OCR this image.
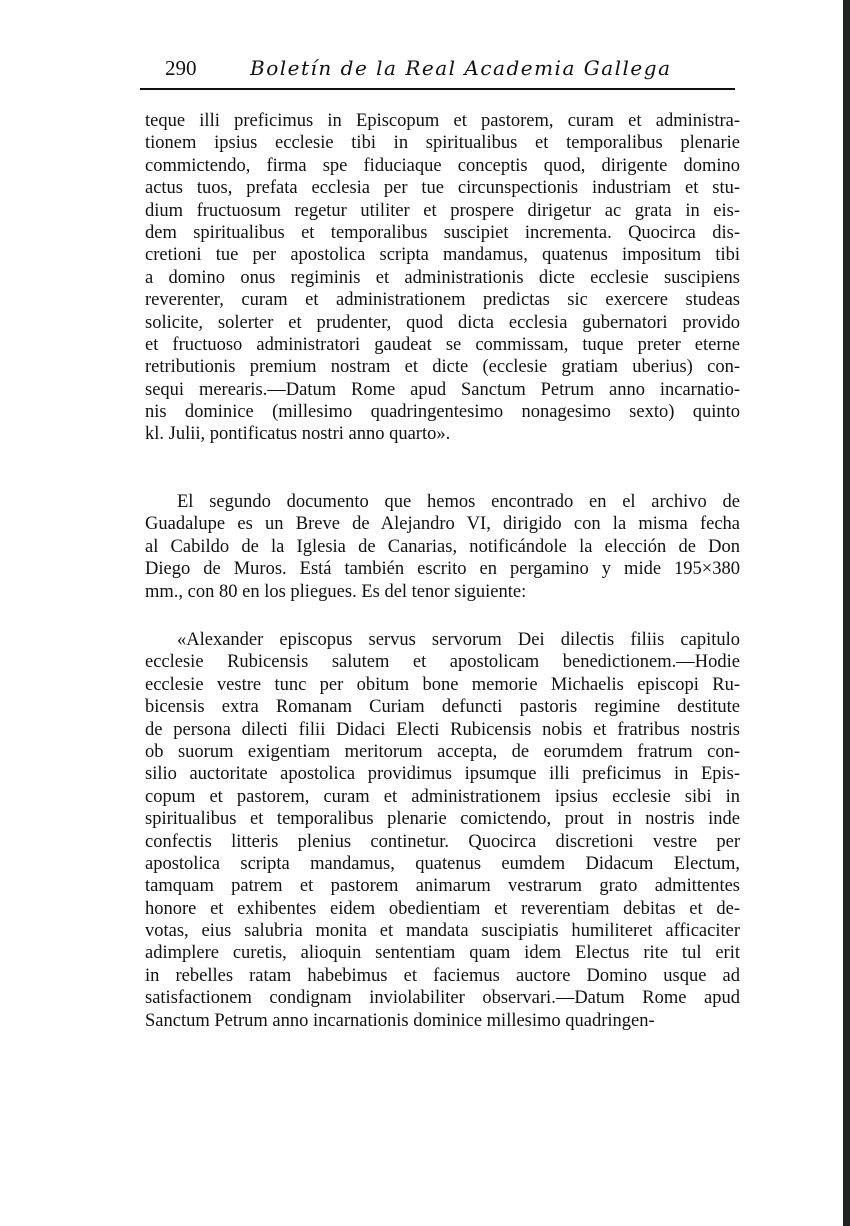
290	Boletín de la Real Academia Gallega
teque illi preficimus in Episcopum et pastorem, curam et administra-
tionem ipsius ecclesie tibi in spiritualibus et temporalibus plenarie
commictendo, firma spe fiduciaque conceptis quod, dirigente domino
actus tuos, prefata ecclesia per tue circunspectionis industriam et stu-
dium fructuosum regetur utiliter et prospere dirigetur ac grata in eis-
dem spiritualibus et temporalibus suscipiet incrementa. Quocirca dis-
cretioni tue per apostolica scripta mandamus, quatenus impositum tibi
a domino onus regiminis et administrationis dicte ecclesie suscipiens
reverenter, curam et administrationem predictas sic exercere studeas
solicite, solerter et prudenter, quod dicta ecclesia gubernatori provido
et fructuoso administratori gaudeat se commissam, tuque preter eterne
retributionis premium nostram et dicte (ecclesie gratiam uberius) con-
sequi merearis.—Datum Rome apud Sanctum Petrum anno incarnatio-
nis dominice (millesimo quadringentesimo nonagesimo sexto) quinto
kl. Julii, pontificatus nostri anno quarto».
El segundo documento que hemos encontrado en el archivo de
Guadalupe es un Breve de Alejandro VI, dirigido con la misma fecha
al Cabildo de la Iglesia de Canarias, notificándole la elección de Don
Diego de Muros. Está también escrito en pergamino y mide 195×380
mm., con 80 en los pliegues. Es del tenor siguiente:
«Alexander episcopus servus servorum Dei dilectis filiis capitulo
ecclesie Rubicensis salutem et apostolicam benedictionem.—Hodie
ecclesie vestre tunc per obitum bone memorie Michaelis episcopi Ru-
bicensis extra Romanam Curiam defuncti pastoris regimine destitute
de persona dilecti filii Didaci Electi Rubicensis nobis et fratribus nostris
ob suorum exigentiam meritorum accepta, de eorumdem fratrum con-
silio auctoritate apostolica providimus ipsumque illi preficimus in Epis-
copum et pastorem, curam et administrationem ipsius ecclesie sibi in
spiritualibus et temporalibus plenarie comictendo, prout in nostris inde
confectis litteris plenius continetur. Quocirca discretioni vestre per
apostolica scripta mandamus, quatenus eumdem Didacum Electum,
tamquam patrem et pastorem animarum vestrarum grato admittentes
honore et exhibentes eidem obedientiam et reverentiam debitas et de-
votas, eius salubria monita et mandata suscipiatis humiliteret afficaciter
adimplere curetis, alioquin sententiam quam idem Electus rite tul erit
in rebelles ratam habebimus et faciemus auctore Domino usque ad
satisfactionem condignam inviolabiliter observari.—Datum Rome apud
Sanctum Petrum anno incarnationis dominice millesimo quadringen-
